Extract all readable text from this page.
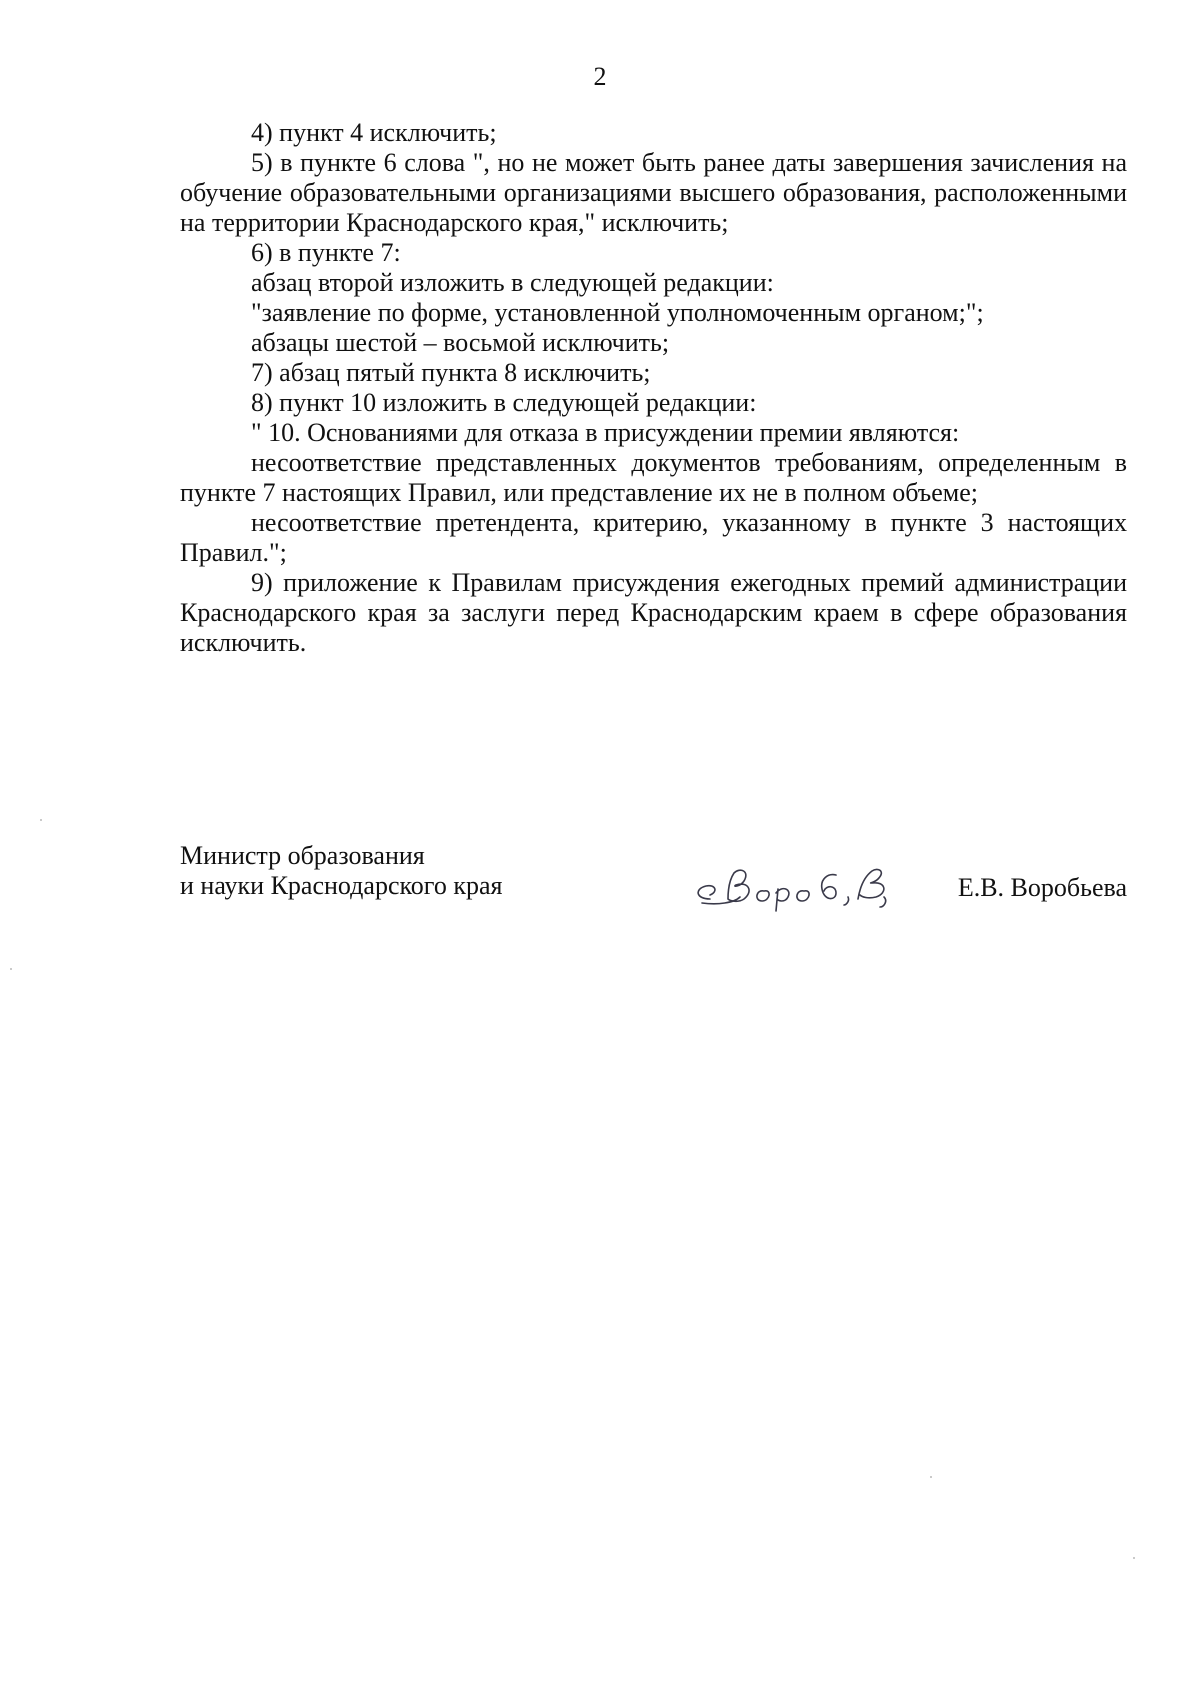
2

4) пункт 4 исключить;

5) в пункте 6 слова ", но не может быть ранее даты завершения зачисления на обучение образовательными организациями высшего образования, расположенными на территории Краснодарского края," исключить;

6) в пункте 7:

абзац второй изложить в следующей редакции:

"заявление по форме, установленной уполномоченным органом;";

абзацы шестой – восьмой исключить;

7) абзац пятый пункта 8 исключить;

8) пункт 10 изложить в следующей редакции:

" 10. Основаниями для отказа в присуждении премии являются:

несоответствие представленных документов требованиям, определенным в пункте 7 настоящих Правил, или представление их не в полном объеме;

несоответствие претендента, критерию, указанному в пункте 3 настоящих Правил.";

9) приложение к Правилам присуждения ежегодных премий администрации Краснодарского края за заслуги перед Краснодарским краем в сфере образования исключить.

Министр образования
и науки Краснодарского края	Е.В. Воробьева
